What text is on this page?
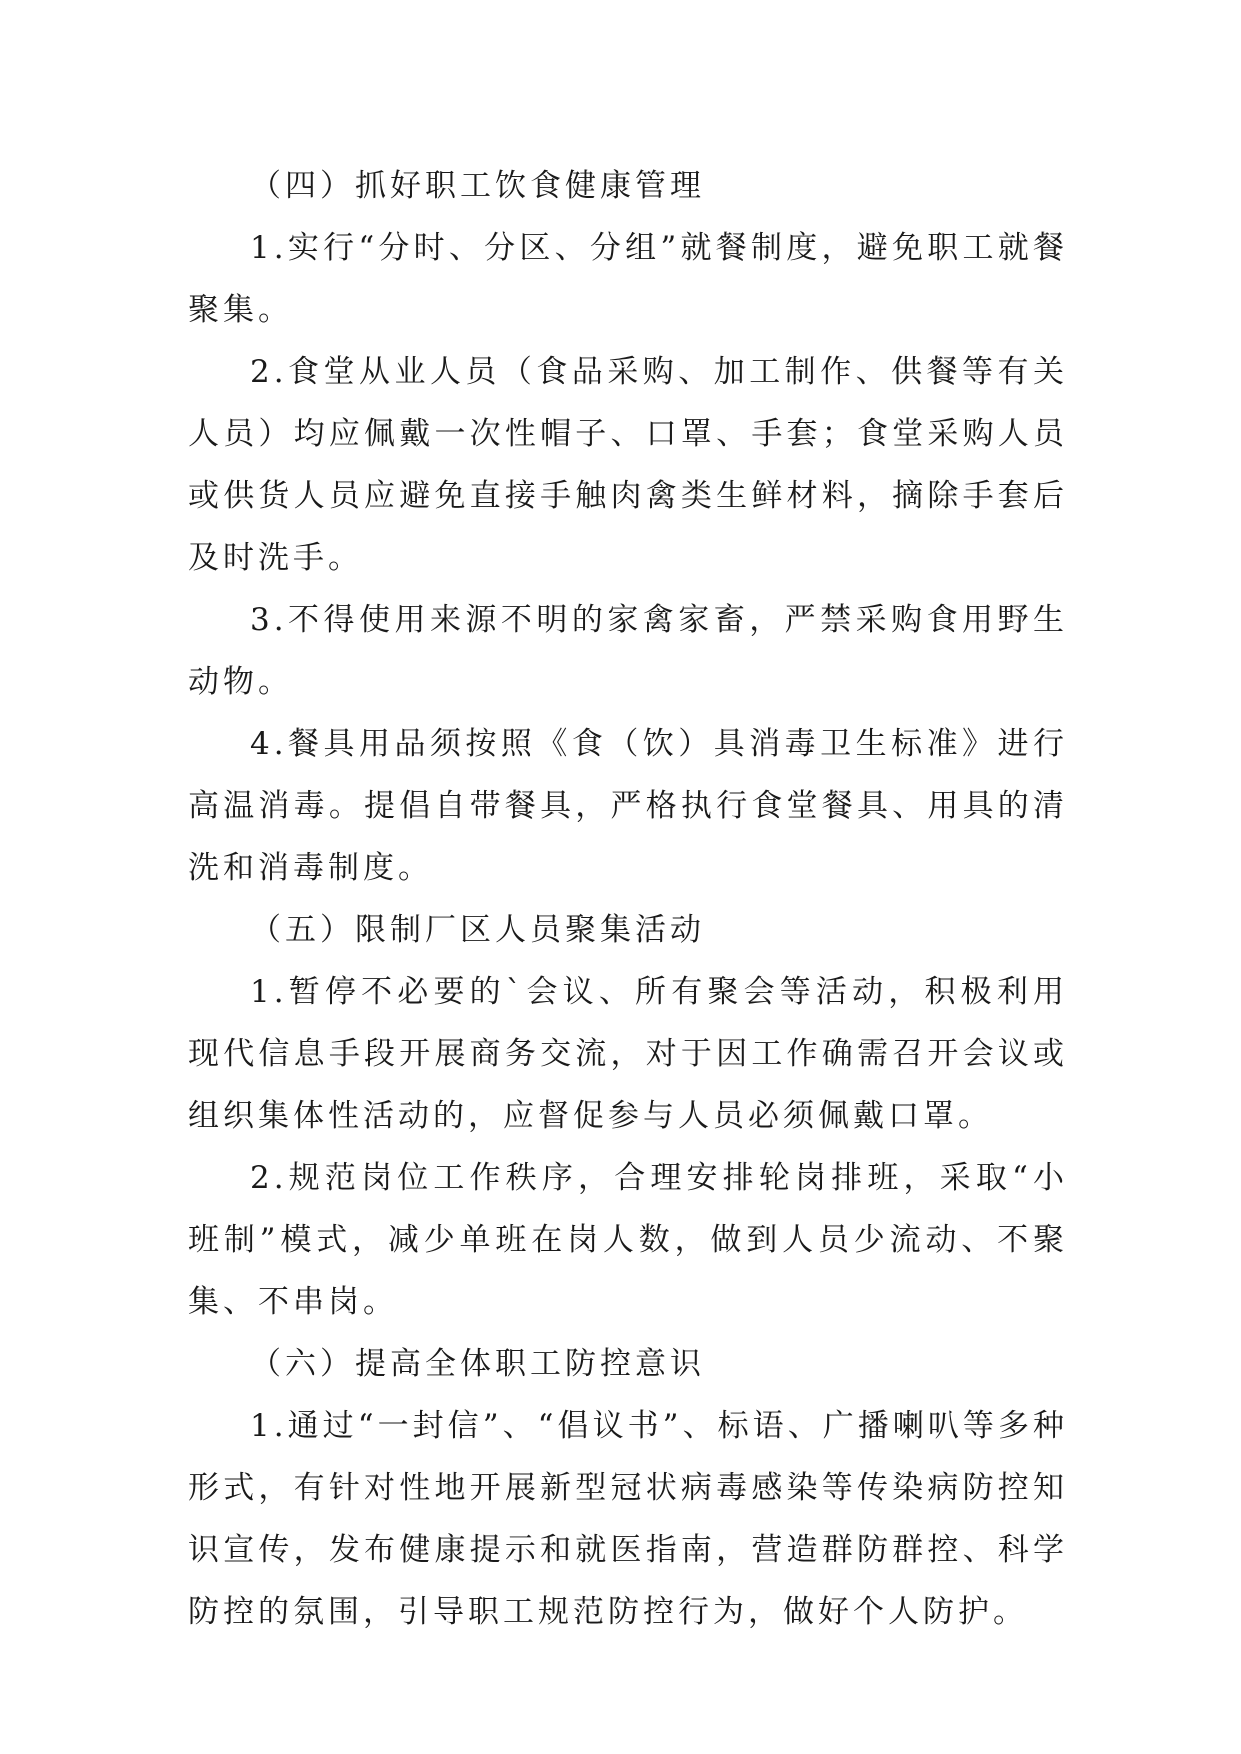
（四）抓好职工饮食健康管理

1.实行“分时、分区、分组”就餐制度，避免职工就餐聚集。

2.食堂从业人员（食品采购、加工制作、供餐等有关人员）均应佩戴一次性帽子、口罩、手套；食堂采购人员或供货人员应避免直接手触肉禽类生鲜材料，摘除手套后及时洗手。

3.不得使用来源不明的家禽家畜，严禁采购食用野生动物。

4.餐具用品须按照《食（饮）具消毒卫生标准》进行高温消毒。提倡自带餐具，严格执行食堂餐具、用具的清洗和消毒制度。

（五）限制厂区人员聚集活动

1.暂停不必要的`会议、所有聚会等活动，积极利用现代信息手段开展商务交流，对于因工作确需召开会议或组织集体性活动的，应督促参与人员必须佩戴口罩。

2.规范岗位工作秩序，合理安排轮岗排班，采取“小班制”模式，减少单班在岗人数，做到人员少流动、不聚集、不串岗。

（六）提高全体职工防控意识

1.通过“一封信”、“倡议书”、标语、广播喇叭等多种形式，有针对性地开展新型冠状病毒感染等传染病防控知识宣传，发布健康提示和就医指南，营造群防群控、科学防控的氛围，引导职工规范防控行为，做好个人防护。
